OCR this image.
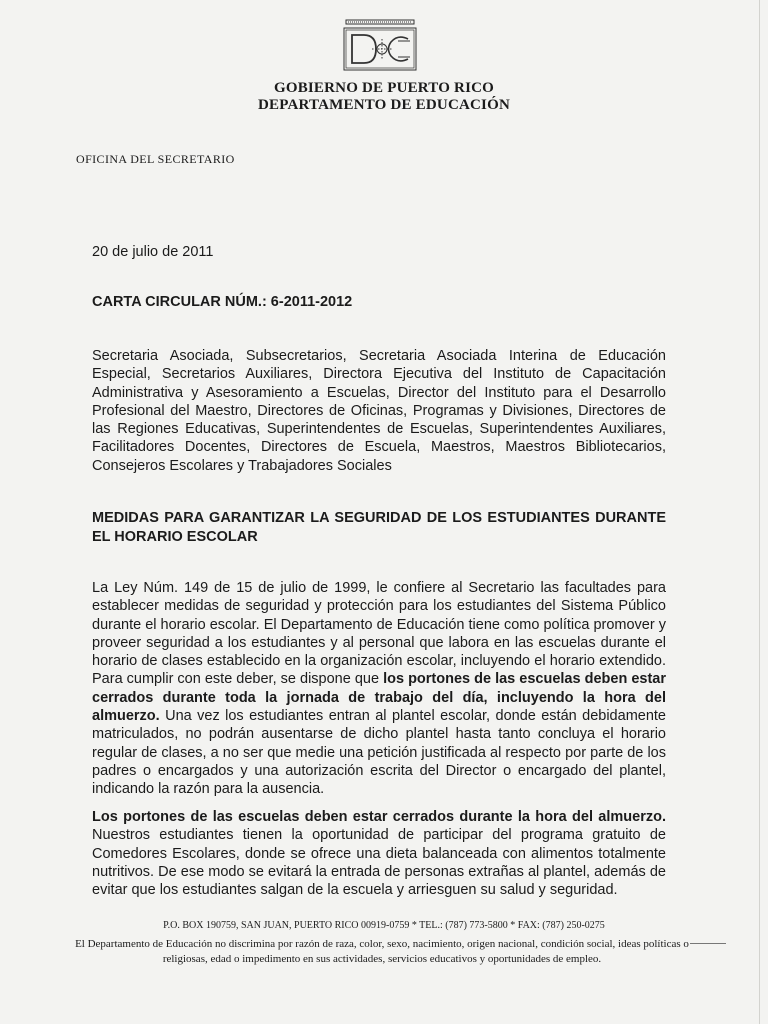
GOBIERNO DE PUERTO RICO
DEPARTAMENTO DE EDUCACIÓN
OFICINA DEL SECRETARIO
20 de julio de 2011
CARTA CIRCULAR NÚM.: 6-2011-2012
Secretaria Asociada, Subsecretarios, Secretaria Asociada Interina de Educación Especial, Secretarios Auxiliares, Directora Ejecutiva del Instituto de Capacitación Administrativa y Asesoramiento a Escuelas, Director del Instituto para el Desarrollo Profesional del Maestro, Directores de Oficinas, Programas y Divisiones, Directores de las Regiones Educativas, Superintendentes de Escuelas, Superintendentes Auxiliares, Facilitadores Docentes, Directores de Escuela, Maestros, Maestros Bibliotecarios, Consejeros Escolares y Trabajadores Sociales
MEDIDAS PARA GARANTIZAR LA SEGURIDAD DE LOS ESTUDIANTES DURANTE EL HORARIO ESCOLAR
La Ley Núm. 149 de 15 de julio de 1999, le confiere al Secretario las facultades para establecer medidas de seguridad y protección para los estudiantes del Sistema Público durante el horario escolar. El Departamento de Educación tiene como política promover y proveer seguridad a los estudiantes y al personal que labora en las escuelas durante el horario de clases establecido en la organización escolar, incluyendo el horario extendido. Para cumplir con este deber, se dispone que los portones de las escuelas deben estar cerrados durante toda la jornada de trabajo del día, incluyendo la hora del almuerzo. Una vez los estudiantes entran al plantel escolar, donde están debidamente matriculados, no podrán ausentarse de dicho plantel hasta tanto concluya el horario regular de clases, a no ser que medie una petición justificada al respecto por parte de los padres o encargados y una autorización escrita del Director o encargado del plantel, indicando la razón para la ausencia.
Los portones de las escuelas deben estar cerrados durante la hora del almuerzo. Nuestros estudiantes tienen la oportunidad de participar del programa gratuito de Comedores Escolares, donde se ofrece una dieta balanceada con alimentos totalmente nutritivos. De ese modo se evitará la entrada de personas extrañas al plantel, además de evitar que los estudiantes salgan de la escuela y arriesguen su salud y seguridad.
P.O. BOX 190759, SAN JUAN, PUERTO RICO 00919-0759 * TEL.: (787) 773-5800 * FAX: (787) 250-0275
El Departamento de Educación no discrimina por razón de raza, color, sexo, nacimiento, origen nacional, condición social, ideas políticas o religiosas, edad o impedimento en sus actividades, servicios educativos y oportunidades de empleo.
